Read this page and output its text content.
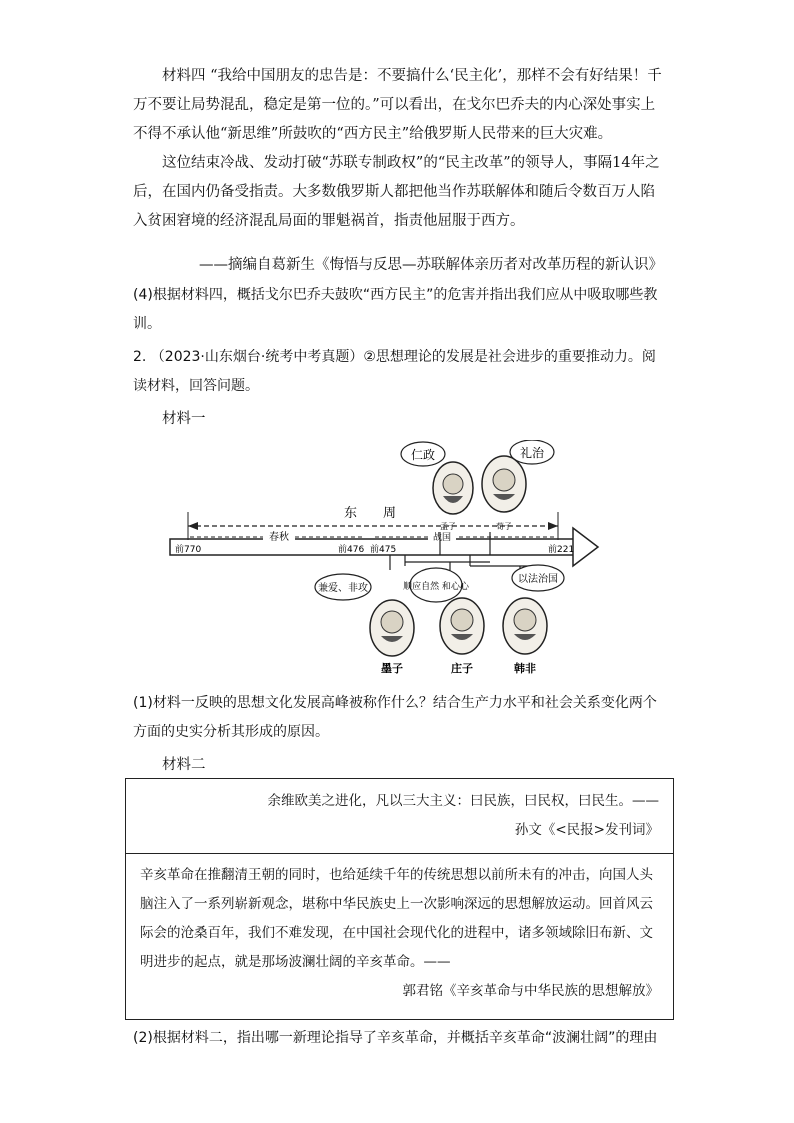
材料四 “我给中国朋友的忠告是：不要搞什么‘民主化’，那样不会有好结果！千万不要让局势混乱，稳定是第一位的。”可以看出，在戈尔巴乔夫的内心深处事实上不得不承认他“新思维”所鼓吹的“西方民主”给俄罗斯人民带来的巨大灾难。
这位结束冷战、发动打破“苏联专制政权”的“民主改革”的领导人，事隔14年之后，在国内仍备受指责。大多数俄罗斯人都把他当作苏联解体和随后令数百万人陷入贫困窘境的经济混乱局面的罪魁祸首，指责他屈服于西方。
——摘编自葛新生《悔悟与反思—苏联解体亲历者对改革历程的新认识》
(4)根据材料四，概括戈尔巴乔夫鼓吹“西方民主”的危害并指出我们应从中吸取哪些教训。
2. （2023·山东烟台·统考中考真题）②思想理论的发展是社会进步的重要推动力。阅读材料，回答问题。
材料一
东　　周
春秋	战国
前770	前476 前475	前221
孟子	荀子
仁政	礼治
墨子	庄子	韩非
兼爱、非攻	顺应自然 和心心
以法治国
(1)材料一反映的思想文化发展高峰被称作什么？结合生产力水平和社会关系变化两个方面的史实分析其形成的原因。
材料二
余维欧美之进化，凡以三大主义：曰民族，曰民权，曰民生。——
孙文《<民报>发刊词》
辛亥革命在推翻清王朝的同时，也给延续千年的传统思想以前所未有的冲击，向国人头脑注入了一系列崭新观念，堪称中华民族史上一次影响深远的思想解放运动。回首风云际会的沧桑百年，我们不难发现，在中国社会现代化的进程中，诸多领域除旧布新、文明进步的起点，就是那场波澜壮阔的辛亥革命。——
郭君铭《辛亥革命与中华民族的思想解放》
(2)根据材料二，指出哪一新理论指导了辛亥革命，并概括辛亥革命“波澜壮阔”的理由
